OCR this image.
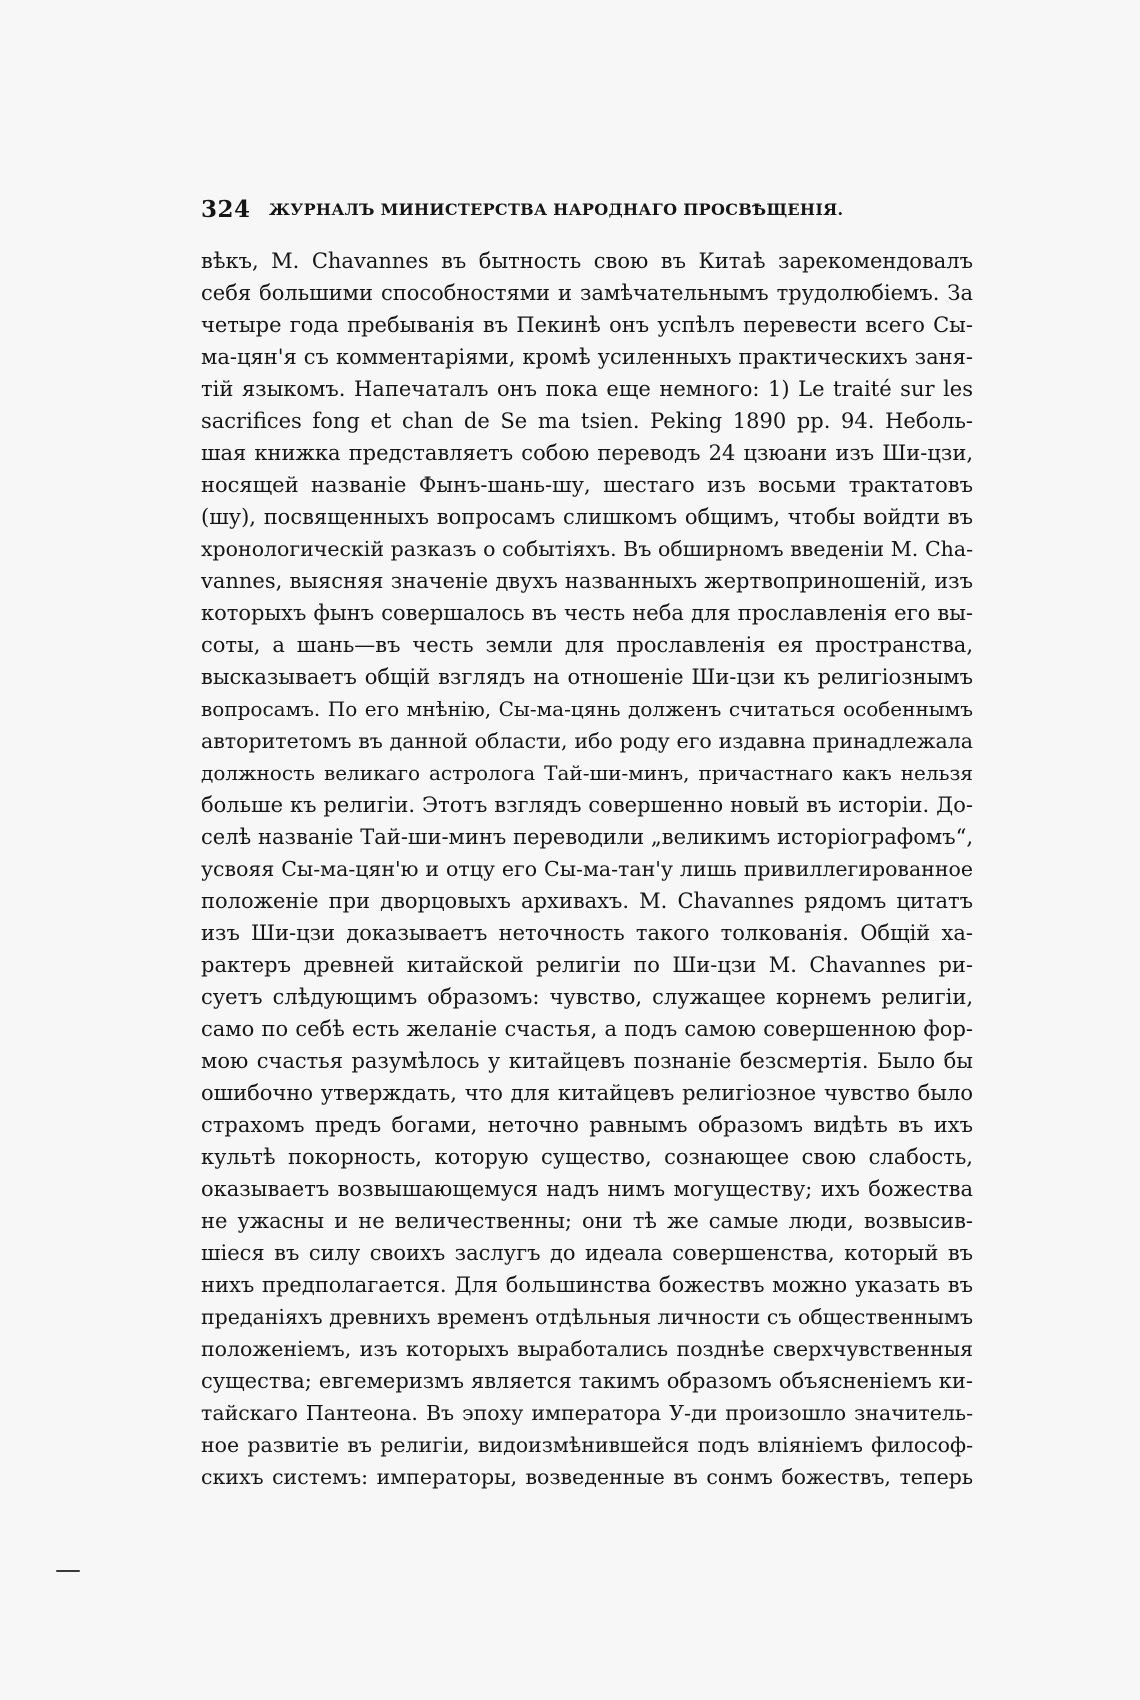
324 ЖУРНАЛЪ МИНИСТЕРСТВА НАРОДНАГО ПРОСВѢЩЕНІЯ.
вѣкъ, М. Chavannes въ бытность свою въ Китаѣ зарекомендовалъ
себя большими способностями и замѣчательнымъ трудолюбіемъ. За
четыре года пребыванія въ Пекинѣ онъ успѣлъ перевести всего Сы-
ма-цян'я съ комментаріями, кромѣ усиленныхъ практическихъ заня-
тій языкомъ. Напечаталъ онъ пока еще немного: 1) Le traité sur les
sacrifices fong et chan de Se ma tsien. Peking 1890 pp. 94. Неболь-
шая книжка представляетъ собою переводъ 24 цзюани изъ Ши-цзи,
носящей названіе Фынъ-шань-шу, шестаго изъ восьми трактатовъ
(шу), посвященныхъ вопросамъ слишкомъ общимъ, чтобы войдти въ
хронологическій разказъ о событіяхъ. Въ обширномъ введеніи М. Cha-
vannes, выясняя значеніе двухъ названныхъ жертвоприношеній, изъ
которыхъ фынъ совершалось въ честь неба для прославленія его вы-
соты, а шань—въ честь земли для прославленія ея пространства,
высказываетъ общій взглядъ на отношеніе Ши-цзи къ религіознымъ
вопросамъ. По его мнѣнію, Сы-ма-цянь долженъ считаться особеннымъ
авторитетомъ въ данной области, ибо роду его издавна принадлежала
должность великаго астролога Тай-ши-минъ, причастнаго какъ нельзя
больше къ религіи. Этотъ взглядъ совершенно новый въ исторіи. До-
селѣ названіе Тай-ши-минъ переводили „великимъ исторіографомъ“,
усвояя Сы-ма-цян'ю и отцу его Сы-ма-тан'у лишь привиллегированное
положеніе при дворцовыхъ архивахъ. М. Chavannes рядомъ цитатъ
изъ Ши-цзи доказываетъ неточность такого толкованія. Общій ха-
рактеръ древней китайской религіи по Ши-цзи М. Chavannes ри-
суетъ слѣдующимъ образомъ: чувство, служащее корнемъ религіи,
само по себѣ есть желаніе счастья, а подъ самою совершенною фор-
мою счастья разумѣлось у китайцевъ познаніе безсмертія. Было бы
ошибочно утверждать, что для китайцевъ религіозное чувство было
страхомъ предъ богами, неточно равнымъ образомъ видѣть въ ихъ
культѣ покорность, которую существо, сознающее свою слабость,
оказываетъ возвышающемуся надъ нимъ могуществу; ихъ божества
не ужасны и не величественны; они тѣ же самые люди, возвысив-
шіеся въ силу своихъ заслугъ до идеала совершенства, который въ
нихъ предполагается. Для большинства божествъ можно указать въ
преданіяхъ древнихъ временъ отдѣльныя личности съ общественнымъ
положеніемъ, изъ которыхъ выработались позднѣе сверхчувственныя
существа; евгемеризмъ является такимъ образомъ объясненіемъ ки-
тайскаго Пантеона. Въ эпоху императора У-ди произошло значитель-
ное развитіе въ религіи, видоизмѣнившейся подъ вліяніемъ философ-
скихъ системъ: императоры, возведенные въ сонмъ божествъ, теперь
